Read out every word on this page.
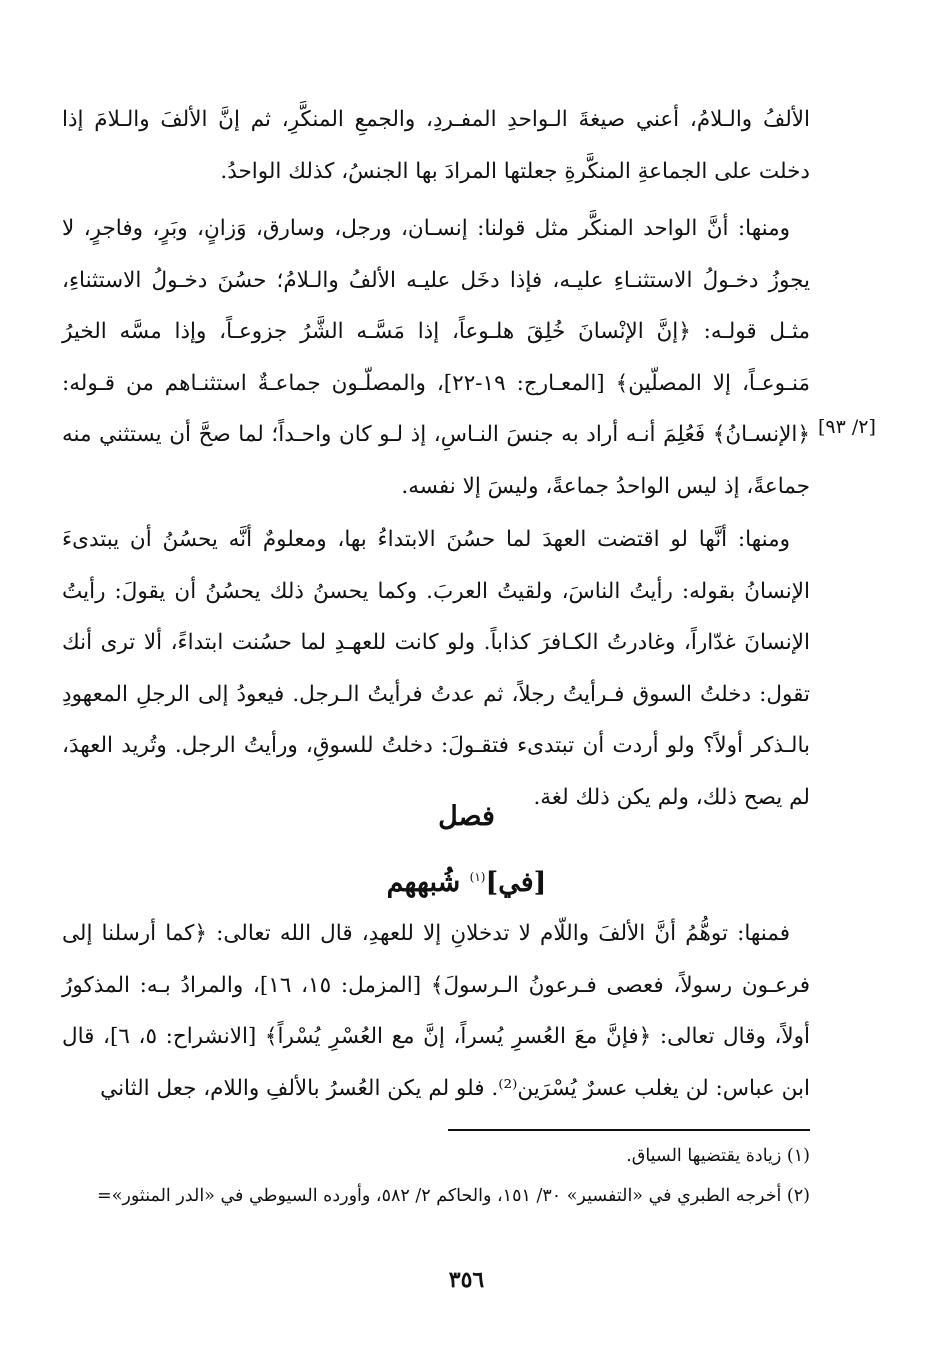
الألفُ والـلامُ، أعني صيغةَ الـواحدِ المفـردِ، والجمعِ المنكَّرِ، ثم إنَّ الألفَ والـلامَ إذا دخلت على الجماعةِ المنكَّرةِ جعلتها المرادَ بها الجنسُ، كذلك الواحدُ.

ومنها: أنَّ الواحد المنكَّر مثل قولنا: إنسـان، ورجل، وسارق، وَزانٍ، وبَرٍ، وفاجرٍ، لا يجوزُ دخـولُ الاستثنـاءِ عليـه، فإذا دخَل عليـه الألفُ والـلامُ؛ حسُنَ دخـولُ الاستثناءِ، مثـل قولـه: ﴿إنَّ الإنْسانَ خُلِقَ هلـوعاً، إذا مَسَّـه الشَّرُ جزوعـاً، وإذا مسَّه الخيرُ مَنـوعـاً، إلا المصلّين﴾ [المعـارج: ١٩-٢٢]، والمصلّـون جماعـةٌ استثنـاهم من قـوله: ﴿الإنسـانُ﴾ فَعُلِمَ أنـه أراد به جنسَ النـاسِ، إذ لـو كان واحـداً؛ لما صحَّ أن يستثني منه جماعةً، إذ ليس الواحدُ جماعةً، وليسَ إلا نفسه.

[٢/ ٩٣]

ومنها: أنَّها لو اقتضت العهدَ لما حسُنَ الابتداءُ بها، ومعلومٌ أنَّه يحسُنُ أن يبتدىءَ الإنسانُ بقوله: رأيتُ الناسَ، ولقيتُ العربَ. وكما يحسنُ ذلك يحسُنُ أن يقولَ: رأيتُ الإنسانَ غدّاراً، وغادرتُ الكـافرَ كذاباً. ولو كانت للعهـدِ لما حسُنت ابتداءً، ألا ترى أنك تقول: دخلتُ السوق فـرأيتُ رجلاً، ثم عدتُ فرأيتُ الـرجل. فيعودُ إلى الرجلِ المعهودِ بالـذكر أولاً؟ ولو أردت أن تبتدىء فتقـولَ: دخلتُ للسوقِ، ورأيتُ الرجل. وتُريد العهدَ، لم يصح ذلك، ولم يكن ذلك لغة.

فصل
[في]$^{(١)}$ شُبههم

فمنها: توهُّمُ أنَّ الألفَ واللّام لا تدخلانِ إلا للعهدِ، قال الله تعالى: ﴿كما أرسلنا إلى فرعـون رسولاً، فعصى فـرعونُ الـرسولَ﴾ [المزمل: ١٥، ١٦]، والمرادُ بـه: المذكورُ أولاً، وقال تعالى: ﴿فإنَّ معَ العُسرِ يُسراً، إنَّ مع العُسْرِ يُسْراً﴾ [الانشراح: ٥، ٦]، قال ابن عباس: لن يغلب عسرٌ يُسْرَين⁽²⁾. فلو لم يكن العُسرُ بالألفِ واللام، جعل الثاني

(١) زيادة يقتضيها السياق.
(٢) أخرجه الطبري في «التفسير» ٣٠/ ١٥١، والحاكم ٢/ ٥٨٢، وأورده السيوطي في «الدر المنثور»=
٣٥٦
